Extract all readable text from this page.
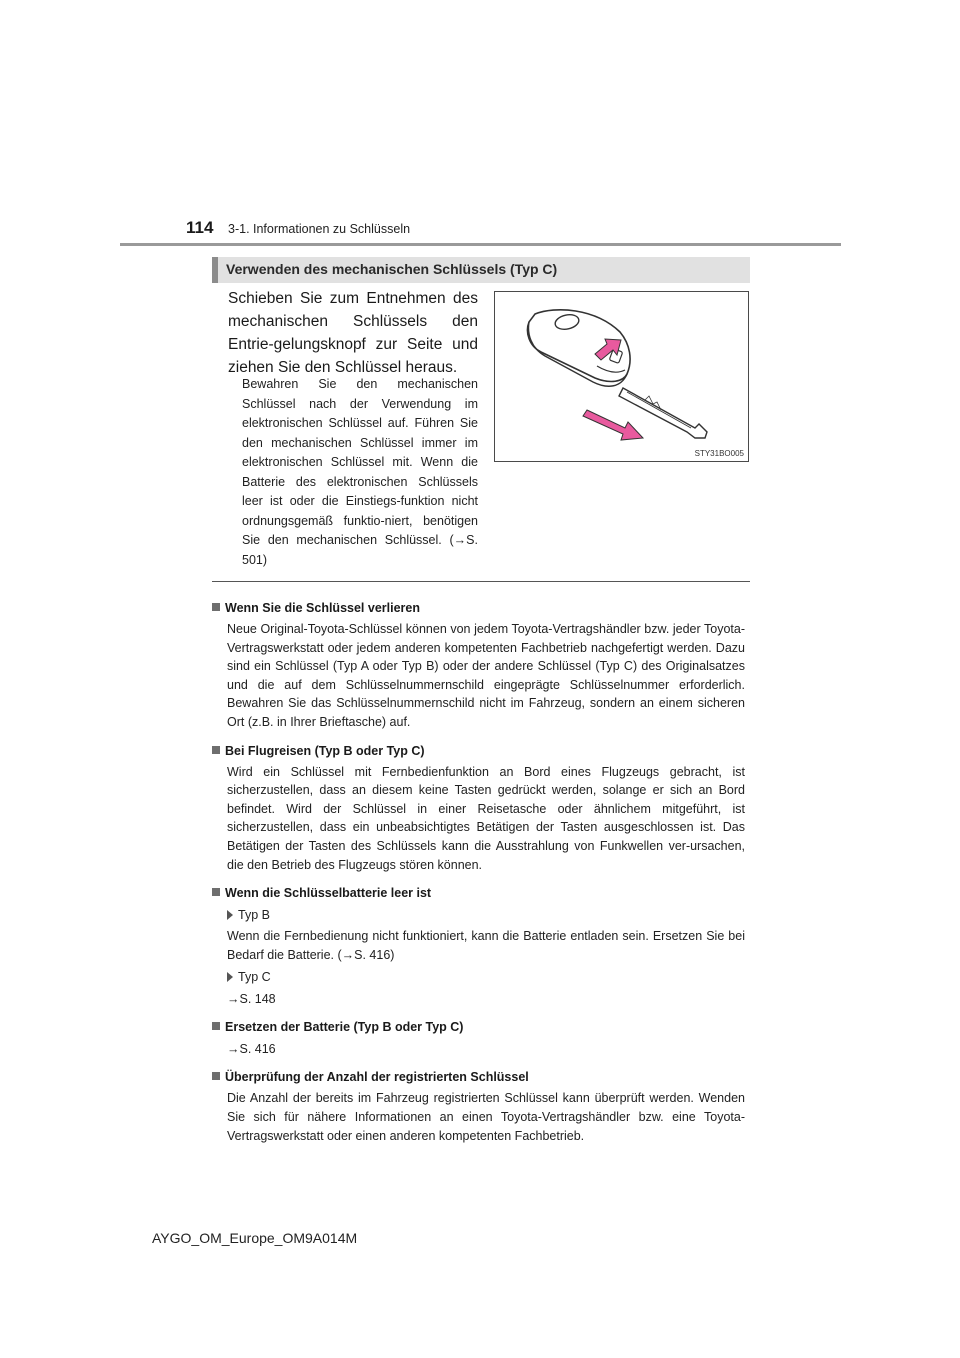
114 3-1. Informationen zu Schlüsseln
Verwenden des mechanischen Schlüssels (Typ C)
Schieben Sie zum Entnehmen des mechanischen Schlüssels den Entrie-gelungsknopf zur Seite und ziehen Sie den Schlüssel heraus.
Bewahren Sie den mechanischen Schlüssel nach der Verwendung im elektronischen Schlüssel auf. Führen Sie den mechanischen Schlüssel immer im elektronischen Schlüssel mit. Wenn die Batterie des elektronischen Schlüssels leer ist oder die Einstiegs-funktion nicht ordnungsgemäß funktio-niert, benötigen Sie den mechanischen Schlüssel. (→S. 501)
STY31BO005
Wenn Sie die Schlüssel verlieren
Neue Original-Toyota-Schlüssel können von jedem Toyota-Vertragshändler bzw. jeder Toyota-Vertragswerkstatt oder jedem anderen kompetenten Fachbetrieb nachgefertigt werden. Dazu sind ein Schlüssel (Typ A oder Typ B) oder der andere Schlüssel (Typ C) des Originalsatzes und die auf dem Schlüsselnummernschild eingeprägte Schlüsselnummer erforderlich. Bewahren Sie das Schlüsselnummernschild nicht im Fahrzeug, sondern an einem sicheren Ort (z.B. in Ihrer Brieftasche) auf.
Bei Flugreisen (Typ B oder Typ C)
Wird ein Schlüssel mit Fernbedienfunktion an Bord eines Flugzeugs gebracht, ist sicherzustellen, dass an diesem keine Tasten gedrückt werden, solange er sich an Bord befindet. Wird der Schlüssel in einer Reisetasche oder ähnlichem mitgeführt, ist sicherzustellen, dass ein unbeabsichtigtes Betätigen der Tasten ausgeschlossen ist. Das Betätigen der Tasten des Schlüssels kann die Ausstrahlung von Funkwellen ver-ursachen, die den Betrieb des Flugzeugs stören können.
Wenn die Schlüsselbatterie leer ist
Typ B
Wenn die Fernbedienung nicht funktioniert, kann die Batterie entladen sein. Ersetzen Sie bei Bedarf die Batterie. (→S. 416)
Typ C
→S. 148
Ersetzen der Batterie (Typ B oder Typ C)
→S. 416
Überprüfung der Anzahl der registrierten Schlüssel
Die Anzahl der bereits im Fahrzeug registrierten Schlüssel kann überprüft werden. Wenden Sie sich für nähere Informationen an einen Toyota-Vertragshändler bzw. eine Toyota-Vertragswerkstatt oder einen anderen kompetenten Fachbetrieb.
AYGO_OM_Europe_OM9A014M
